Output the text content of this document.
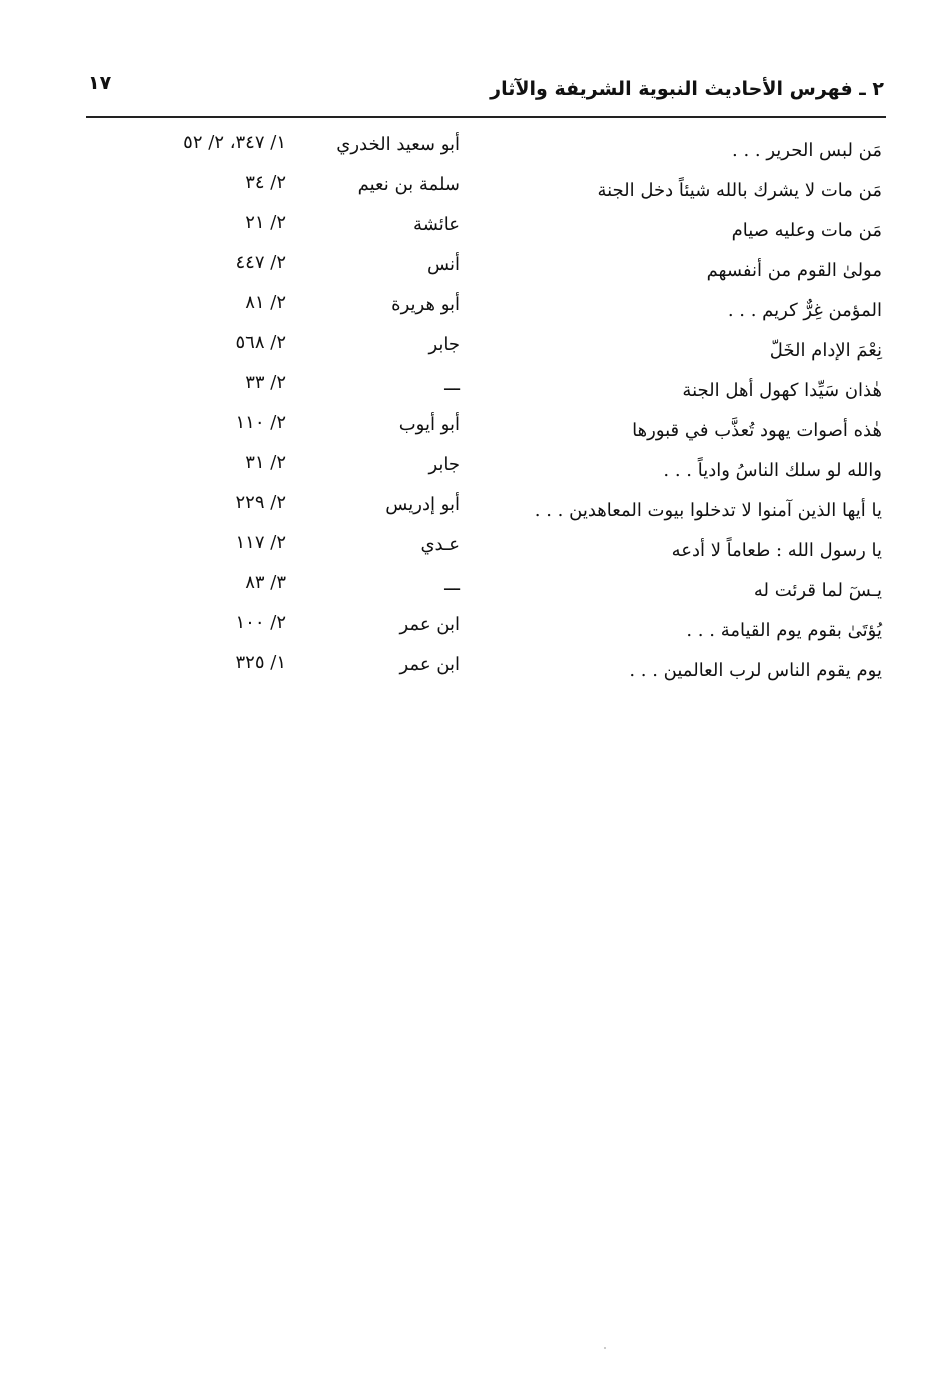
٢ ـ فهرس الأحاديث النبوية الشريفة والآثار
١٧
مَن لبس الحرير . . .
أبو سعيد الخدري
١/ ٣٤٧، ٢/ ٥٢
مَن مات لا يشرك بالله شيئاً دخل الجنة
سلمة بن نعيم
٢/ ٣٤
مَن مات وعليه صيام
عائشة
٢/ ٢١
مولىٰ القوم من أنفسهم
أنس
٢/ ٤٤٧
المؤمن غِرٌّ كريم . . .
أبو هريرة
٢/ ٨١
نِعْمَ الإدام الخَلّ
جابر
٢/ ٥٦٨
هٰذان سَيِّدا كهول أهل الجنة
ـــ
٢/ ٣٣
هٰذه أصوات يهود تُعذَّب في قبورها
أبو أيوب
٢/ ١١٠
والله لو سلك الناسُ وادياً . . .
جابر
٢/ ٣١
يا أيها الذين آمنوا لا تدخلوا بيوت المعاهدين . . .
أبو إدريس
٢/ ٢٢٩
يا رسول الله : طعاماً لا أدعه
عـدي
٢/ ١١٧
يـسٓ لما قرئت له
ـــ
٣/ ٨٣
يُؤتَىٰ بقوم يوم القيامة . . .
ابن عمر
٢/ ١٠٠
يوم يقوم الناس لرب العالمين . . .
ابن عمر
١/ ٣٢٥
